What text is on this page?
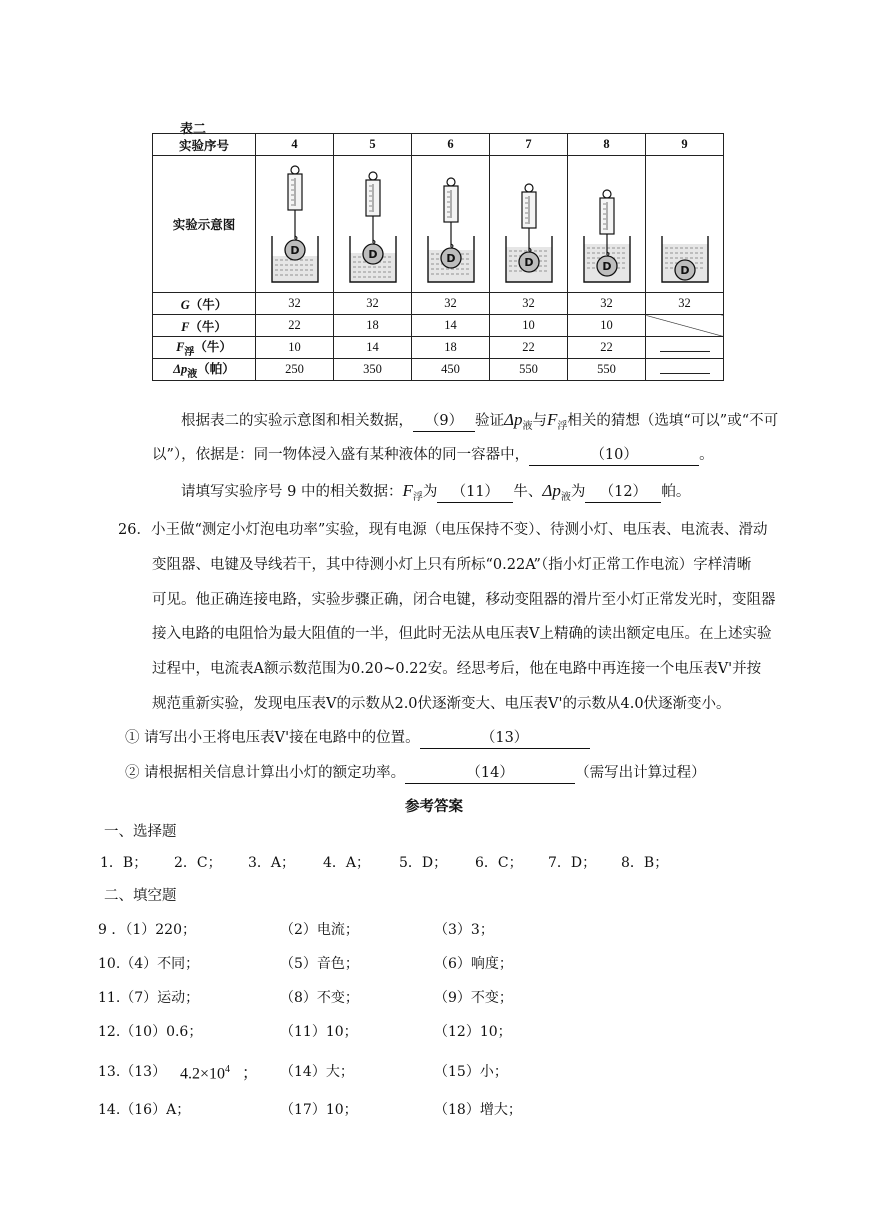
表二
实验序号	4	5	6	7	8	9
实验示意图	D	D	D	D	D	D

G（牛）	32	32	32	32	32	32
F（牛）	22	18	14	10	10	
$F_浮$（牛）	10	14	18	22	22	
$\Delta p_液$（帕）	250	350	450	550	550	
根据表二的实验示意图和相关数据， （9） 验证$\Delta p_液$与$F_浮$相关的猜想（选填“可以”或“不可
以”），依据是：同一物体浸入盛有某种液体的同一容器中，	（10）	。
请填写实验序号 9 中的相关数据：$F_浮$为 （11） 牛、$\Delta p_液$为 （12） 帕。
26．小王做“测定小灯泡电功率”实验，现有电源（电压保持不变）、待测小灯、电压表、电流表、滑动
变阻器、电键及导线若干，其中待测小灯上只有所标“0.22A”（指小灯正常工作电流）字样清晰
可见。他正确连接电路，实验步骤正确，闭合电键，移动变阻器的滑片至小灯正常发光时，变阻器
接入电路的电阻恰为最大阻值的一半，但此时无法从电压表V上精确的读出额定电压。在上述实验
过程中，电流表A额示数范围为0.20~0.22安。经思考后，他在电路中再连接一个电压表V'并按
规范重新实验，发现电压表V的示数从2.0伏逐渐变大、电压表V'的示数从4.0伏逐渐变小。
① 请写出小王将电压表V'接在电路中的位置。	（13）
② 请根据相关信息计算出小灯的额定功率。	（14）	（需写出计算过程）
参考答案
一、选择题
1．B； 2．C； 3．A； 4．A； 5．D； 6．C； 7．D； 8．B；
二、填空题
9 ．（1）220；	（2）电流；	（3）3；
10.（4）不同；	（5）音色；	（6）响度；
11.（7）运动；	（8）不变；	（9）不变；
12.（10）0.6；	（11）10；	（12）10；
13.（13） $4.2\times 10^4$ ； （14）大；	（15）小；
14.（16）A；	（17）10；	（18）增大；
